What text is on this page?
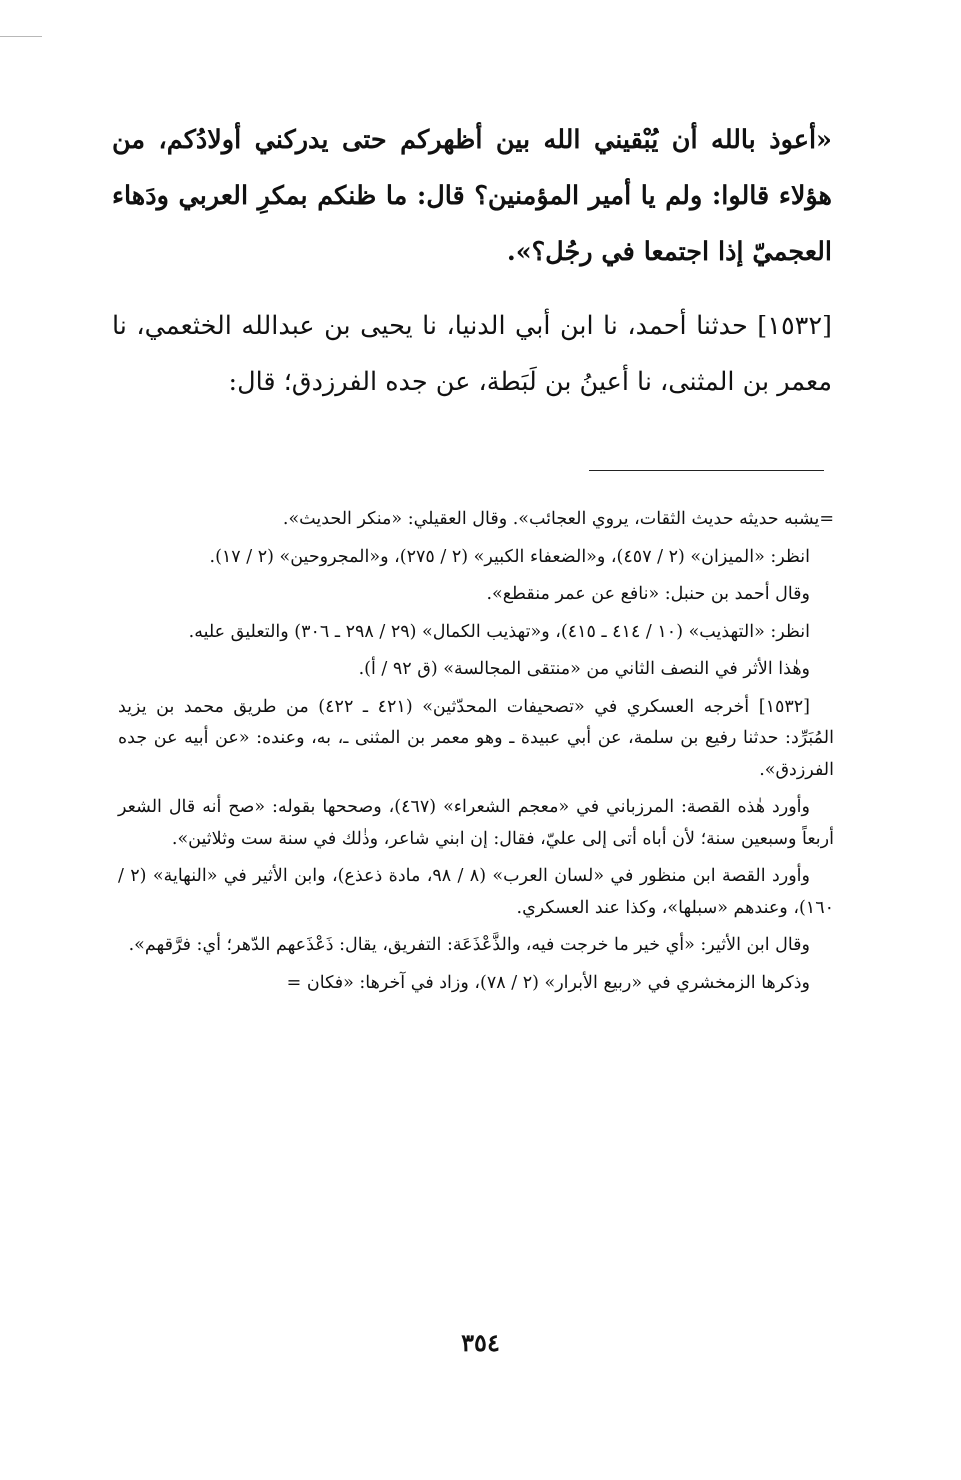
«أعوذ بالله أن يُبْقيني الله بين أظهركم حتى يدركني أولادُكم، من هؤلاء قالوا: ولم يا أمير المؤمنين؟ قال: ما ظنكم بمكرِ العربي ودَهاء العجميّ إذا اجتمعا في رجُل؟».

[١٥٣٢] حدثنا أحمد، نا ابن أبي الدنيا، نا يحيى بن عبدالله الخثعمي، نا معمر بن المثنى، نا أعينُ بن لَبَطة، عن جده الفرزدق؛ قال:

=يشبه حديثه حديث الثقات، يروي العجائب». وقال العقيلي: «منكر الحديث».

انظر: «الميزان» (٢ / ٤٥٧)، و«الضعفاء الكبير» (٢ / ٢٧٥)، و«المجروحين» (٢ / ١٧).

وقال أحمد بن حنبل: «نافع عن عمر منقطع».

انظر: «التهذيب» (١٠ / ٤١٤ ـ ٤١٥)، و«تهذيب الكمال» (٢٩ / ٢٩٨ ـ ٣٠٦) والتعليق عليه.

وهٰذا الأثر في النصف الثاني من «منتقى المجالسة» (ق ٩٢ / أ).

[١٥٣٢] أخرجه العسكري في «تصحيفات المحدّثين» (٤٢١ ـ ٤٢٢) من طريق محمد بن يزيد المُبَرِّد: حدثنا رفيع بن سلمة، عن أبي عبيدة ـ وهو معمر بن المثنى ـ، به، وعنده: «عن أبيه عن جده الفرزدق».

وأورد هٰذه القصة: المرزباني في «معجم الشعراء» (٤٦٧)، وصححها بقوله: «صح أنه قال الشعر أربعاً وسبعين سنة؛ لأن أباه أتى إلى عليّ، فقال: إن ابني شاعر، وذٰلك في سنة ست وثلاثين».

وأورد القصة ابن منظور في «لسان العرب» (٨ / ٩٨، مادة ذعذع)، وابن الأثير في «النهاية» (٢ / ١٦٠)، وعندهم «سبلها»، وكذا عند العسكري.

وقال ابن الأثير: «أي خير ما خرجت فيه، والذَّعْذَعَة: التفريق، يقال: ذَعْذَعهم الدّهر؛ أي: فرَّقهم».

وذكرها الزمخشري في «ربيع الأبرار» (٢ / ٧٨)، وزاد في آخرها: «فكان =

٣٥٤
